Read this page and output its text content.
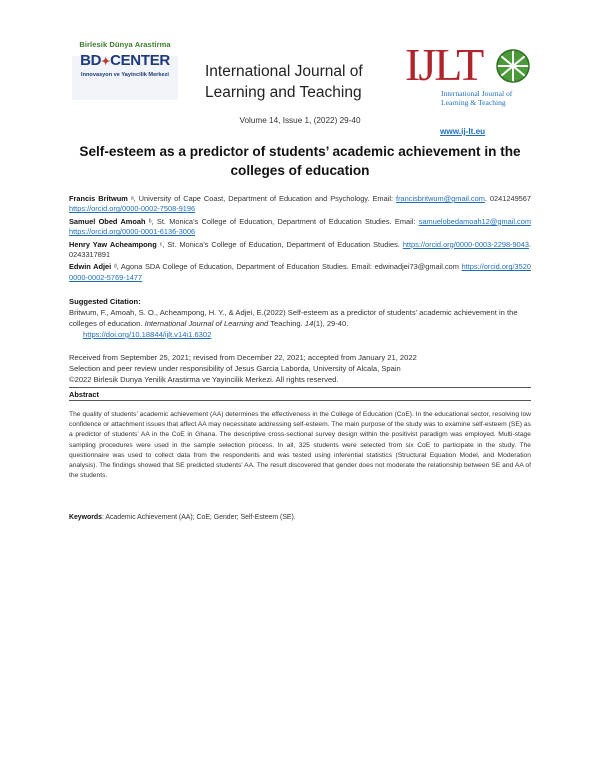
Birlesik Dünya Arastirma
BD✦CENTER
Innovasyon ve Yayincilik Merkezi	International Journal of Learning and Teaching
IJLT
International Journal of
Learning & Teaching
Volume 14, Issue 1, (2022) 29-40
www.ij-lt.eu
Self-esteem as a predictor of students’ academic achievement in the colleges of education
Francis Britwum ᵃ, University of Cape Coast, Department of Education and Psychology. Email: francisbritwum@gmail.com. 0241249567 https://orcid.org/0000-0002-7508-9196
Samuel Obed Amoah ᵇ, St. Monica’s College of Education, Department of Education Studies. Email: samuelobedamoah12@gmail.com https://orcid.org/0000-0001-6136-3006
Henry Yaw Acheampong ᶜ, St. Monica’s College of Education, Department of Education Studies. https://orcid.org/0000-0003-2298-9043. 0243317891
Edwin Adjei ᵈ, Agona SDA College of Education, Department of Education Studies. Email: edwinadjei73@gmail.com https://orcid.org/3520 0000-0002-5769-1477
Suggested Citation:
Britwum, F., Amoah, S. O., Acheampong, H. Y., & Adjei, E.(2022) Self-esteem as a predictor of students’ academic achievement in the colleges of education. International Journal of Learning and Teaching. 14(1), 29-40.
https://doi.org/10.18844/ijlt.v14i1.6302
Received from September 25, 2021; revised from December 22, 2021; accepted from January 21, 2022
Selection and peer review under responsibility of Jesus Garcia Laborda, University of Alcala, Spain
©2022 Birlesik Dunya Yenilik Arastirma ve Yayincilik Merkezi. All rights reserved.
Abstract
The quality of students’ academic achievement (AA) determines the effectiveness in the College of Education (CoE). In the educational sector, resolving low confidence or attachment issues that affect AA may necessitate addressing self-esteem. The main purpose of the study was to examine self-esteem (SE) as a predictor of students’ AA in the CoE in Ghana. The descriptive cross-sectional survey design within the positivist paradigm was employed. Multi-stage sampling procedures were used in the sample selection process. In all, 325 students were selected from six CoE to participate in the study. The questionnaire was used to collect data from the respondents and was tested using inferential statistics (Structural Equation Model, and Moderation analysis). The findings showed that SE predicted students’ AA. The result discovered that gender does not moderate the relationship between SE and AA of the students.
Keywords: Academic Achievement (AA); CoE; Gender; Self-Esteem (SE).
